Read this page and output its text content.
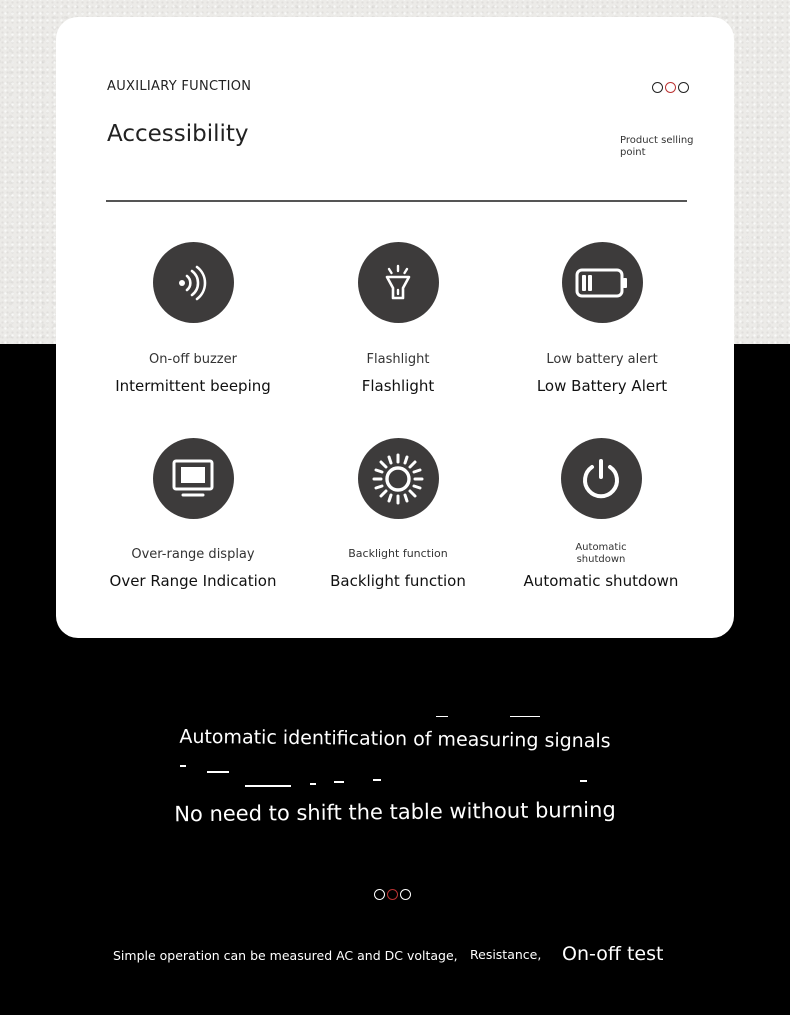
AUXILIARY FUNCTION
Accessibility	Product selling point
On-off buzzer
Intermittent beeping
Flashlight
Flashlight
Low battery alert
Low Battery Alert
Over-range display
Over Range Indication
Backlight function
Backlight function
Automatic shutdown
Automatic shutdown
Automatic identification of measuring signals
No need to shift the table without burning
Simple operation can be measured AC and DC voltage, Resistance, On-off test
